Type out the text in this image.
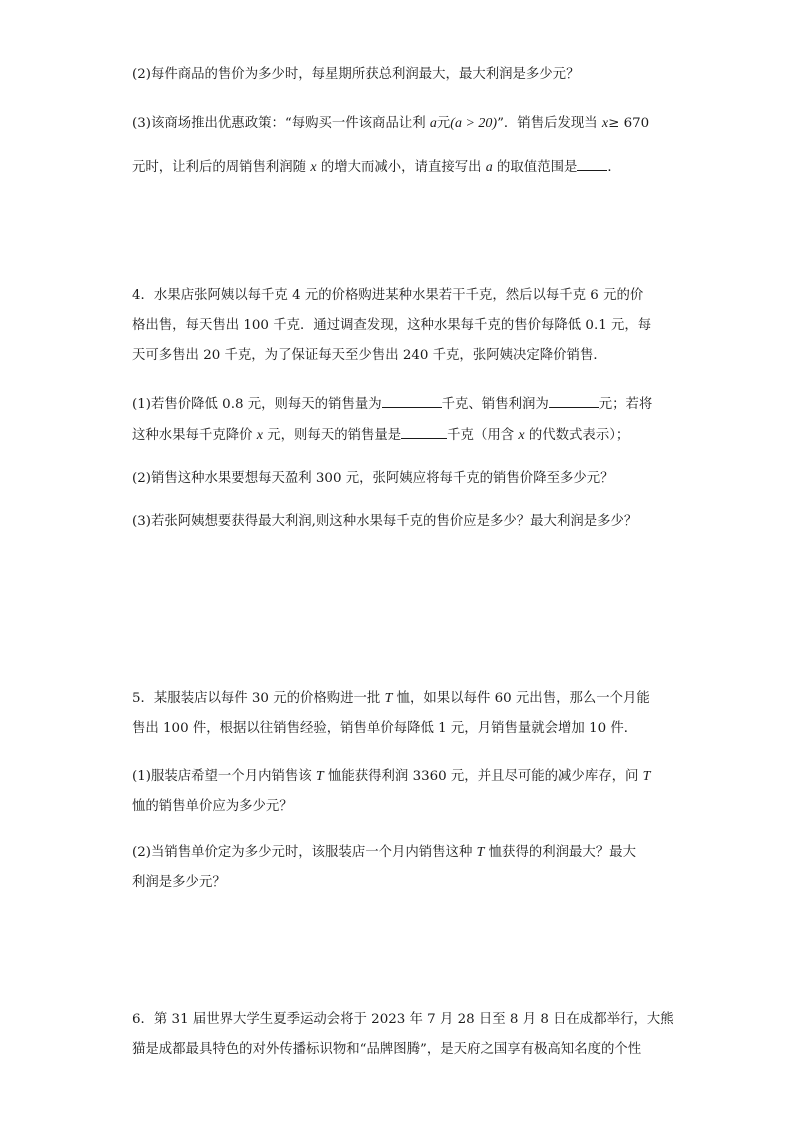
(2)每件商品的售价为多少时，每星期所获总利润最大，最大利润是多少元？
(3)该商场推出优惠政策：“每购买一件该商品让利 a元(a > 20)”．销售后发现当 x≥ 670
元时，让利后的周销售利润随 x 的增大而减小，请直接写出 a 的取值范围是 ．
4．水果店张阿姨以每千克 4 元的价格购进某种水果若干千克，然后以每千克 6 元的价
格出售，每天售出 100 千克．通过调查发现，这种水果每千克的售价每降低 0.1 元，每
天可多售出 20 千克，为了保证每天至少售出 240 千克，张阿姨决定降价销售．
(1)若售价降低 0.8 元，则每天的销售量为	千克、销售利润为	元；若将
这种水果每千克降价 x 元，则每天的销售量是	千克（用含 x 的代数式表示）；
(2)销售这种水果要想每天盈利 300 元，张阿姨应将每千克的销售价降至多少元？
(3)若张阿姨想要获得最大利润,则这种水果每千克的售价应是多少？最大利润是多少？
5．某服装店以每件 30 元的价格购进一批 T 恤，如果以每件 60 元出售，那么一个月能
售出 100 件，根据以往销售经验，销售单价每降低 1 元，月销售量就会增加 10 件．
(1)服装店希望一个月内销售该 T 恤能获得利润 3360 元，并且尽可能的减少库存，问 T
恤的销售单价应为多少元？
(2)当销售单价定为多少元时，该服装店一个月内销售这种 T 恤获得的利润最大？最大
利润是多少元？
6．第 31 届世界大学生夏季运动会将于 2023 年 7 月 28 日至 8 月 8 日在成都举行，大熊
猫是成都最具特色的对外传播标识物和“品牌图腾”，是天府之国享有极高知名度的个性
